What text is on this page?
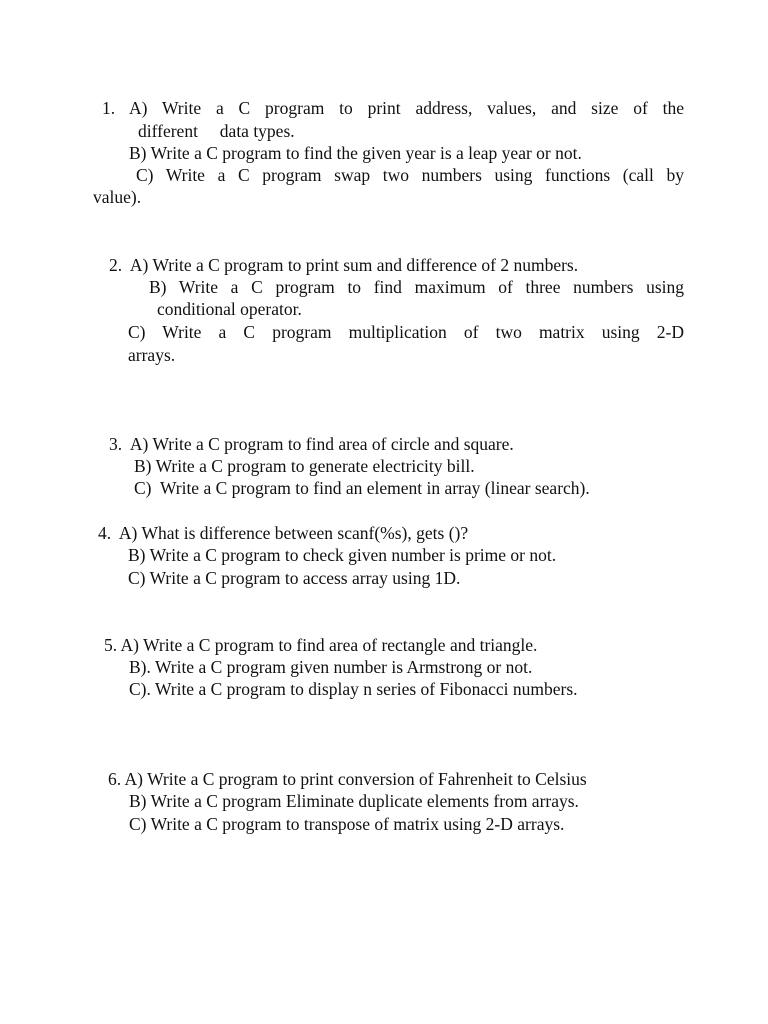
1. A) Write a C program to print address, values, and size of the
different     data types.
B) Write a C program to find the given year is a leap year or not.
C) Write a C program swap two numbers using functions (call by
value).
2. A) Write a C program to print sum and difference of 2 numbers.
B) Write a C program to find maximum of three numbers using
conditional operator.
C) Write a C program multiplication of two matrix using 2-D
arrays.
3. A) Write a C program to find area of circle and square.
B) Write a C program to generate electricity bill.
C) Write a C program to find an element in array (linear search).
4. A) What is difference between scanf(%s), gets ()?
B) Write a C program to check given number is prime or not.
C) Write a C program to access array using 1D.
5. A) Write a C program to find area of rectangle and triangle.
B). Write a C program given number is Armstrong or not.
C). Write a C program to display n series of Fibonacci numbers.
6. A) Write a C program to print conversion of Fahrenheit to Celsius
B) Write a C program Eliminate duplicate elements from arrays.
C) Write a C program to transpose of matrix using 2-D arrays.
